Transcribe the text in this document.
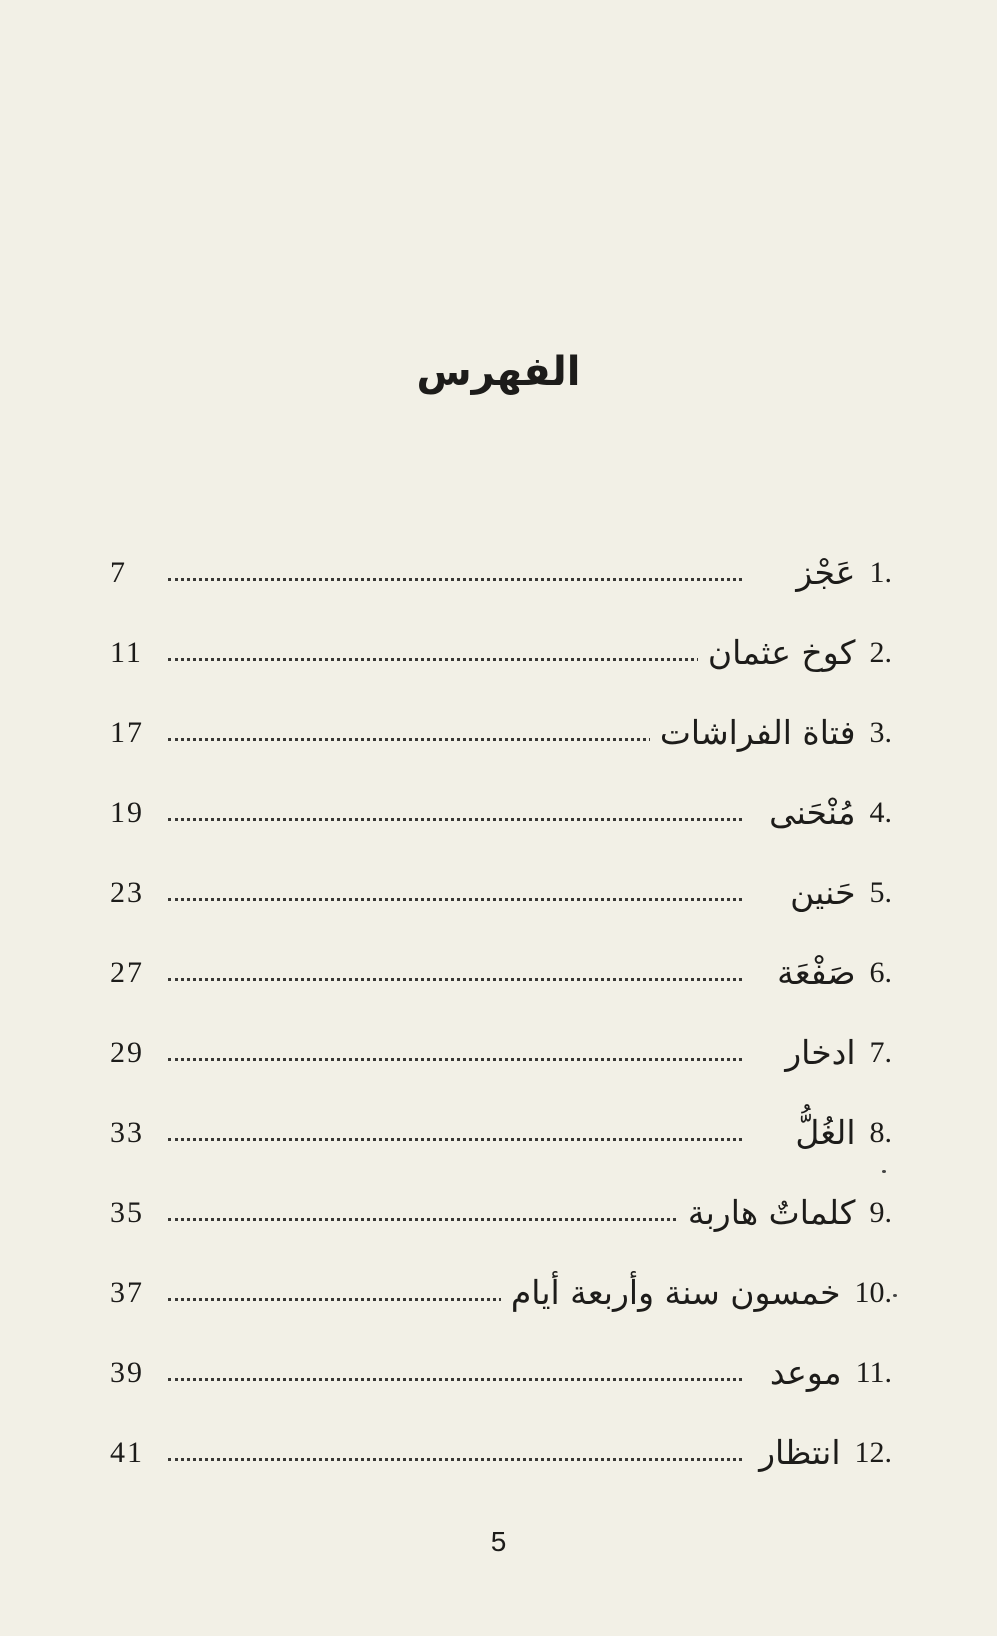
الفهرس
1.
عَجْز
7
2.
كوخ عثمان
11
3.
فتاة الفراشات
17
4.
مُنْحَنى
19
5.
حَنين
23
6.
صَفْعَة
27
7.
ادخار
29
8.
الغُلُّ
33
9.
كلماتٌ هاربة
35
10.
خمسون سنة وأربعة أيام
37
11.
موعد
39
12.
انتظار
41
5
